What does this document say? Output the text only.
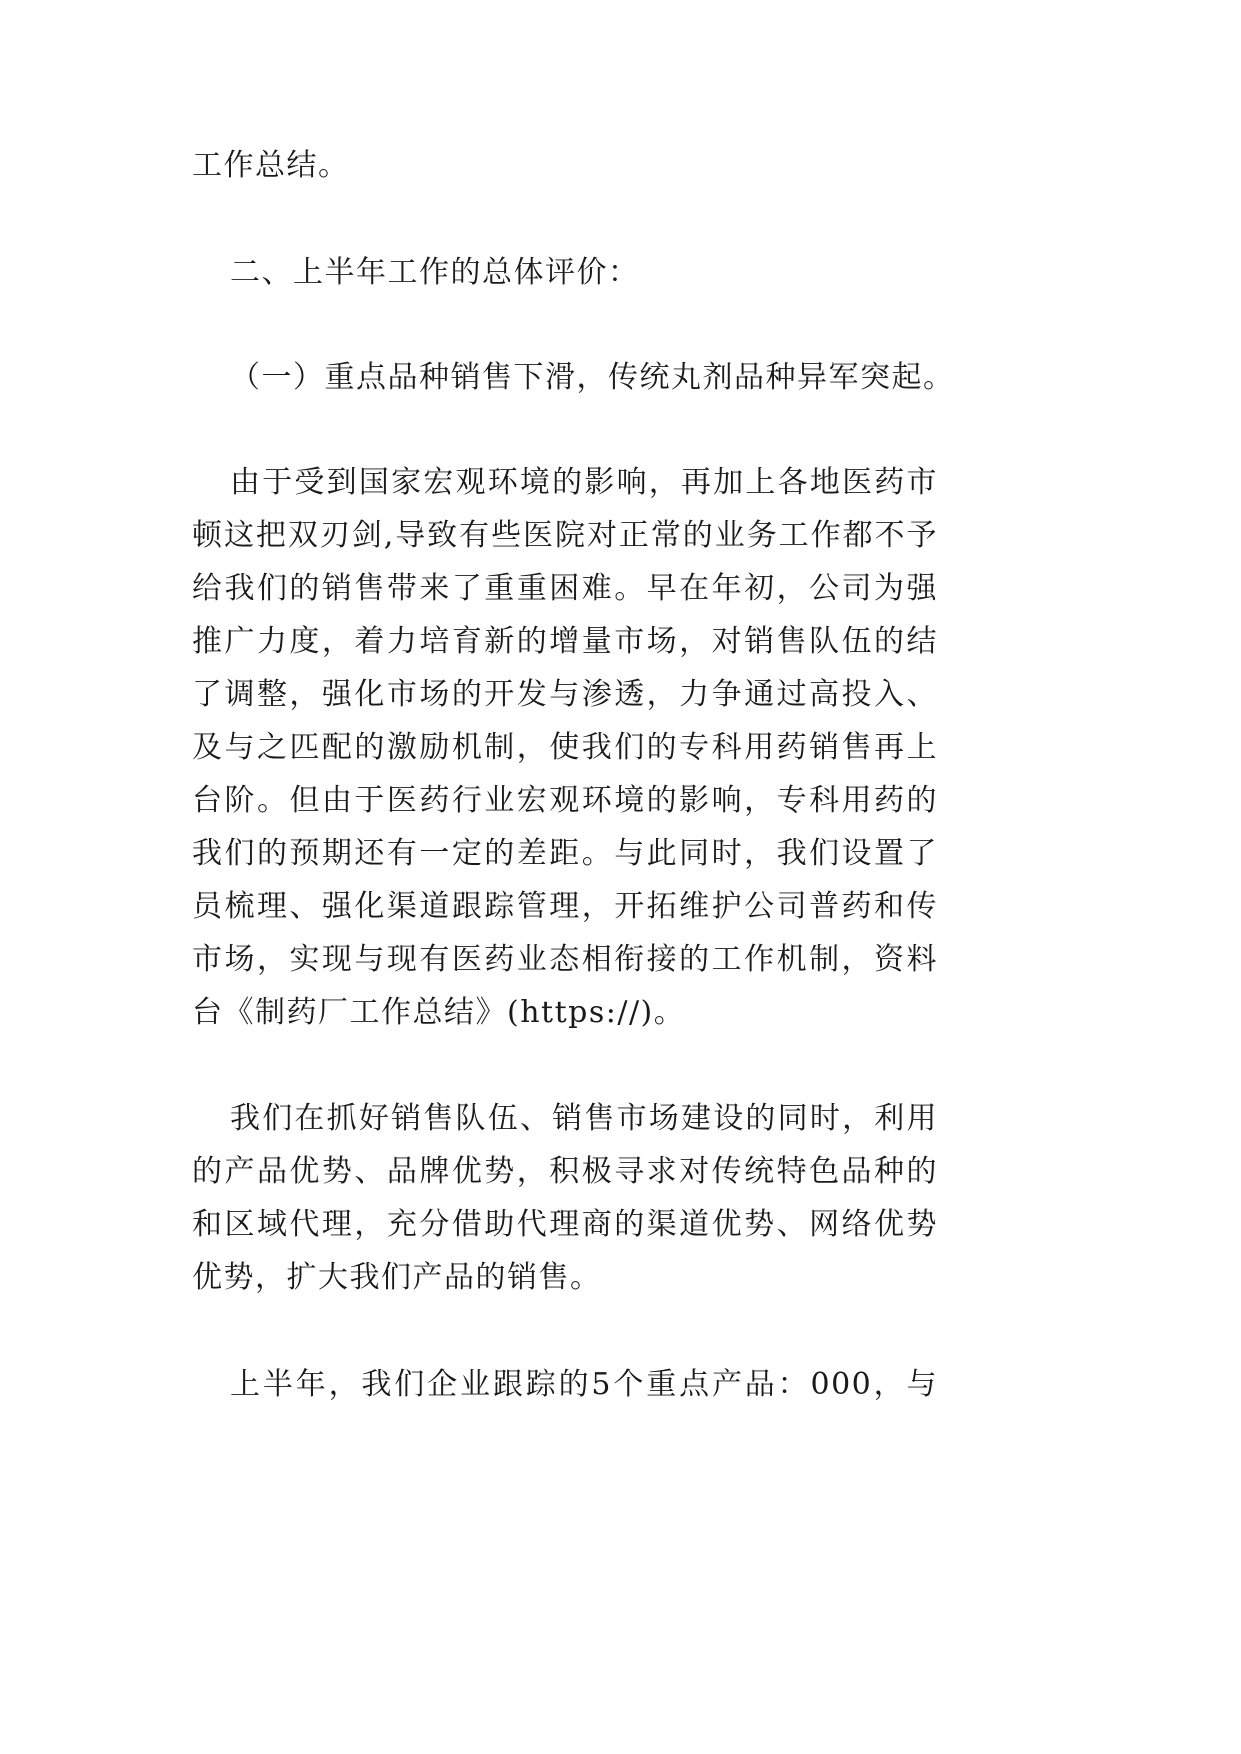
工作总结。
二、上半年工作的总体评价：
（一）重点品种销售下滑，传统丸剂品种异军突起。
由于受到国家宏观环境的影响，再加上各地医药市
顿这把双刃剑,导致有些医院对正常的业务工作都不予
给我们的销售带来了重重困难。早在年初，公司为强
推广力度，着力培育新的增量市场，对销售队伍的结
了调整，强化市场的开发与渗透，力争通过高投入、
及与之匹配的激励机制，使我们的专科用药销售再上
台阶。但由于医药行业宏观环境的影响，专科用药的
我们的预期还有一定的差距。与此同时，我们设置了
员梳理、强化渠道跟踪管理，开拓维护公司普药和传
市场，实现与现有医药业态相衔接的工作机制，资料
台《制药厂工作总结》(https://)。
我们在抓好销售队伍、销售市场建设的同时，利用
的产品优势、品牌优势，积极寻求对传统特色品种的
和区域代理，充分借助代理商的渠道优势、网络优势
优势，扩大我们产品的销售。
上半年，我们企业跟踪的5个重点产品：000，与
